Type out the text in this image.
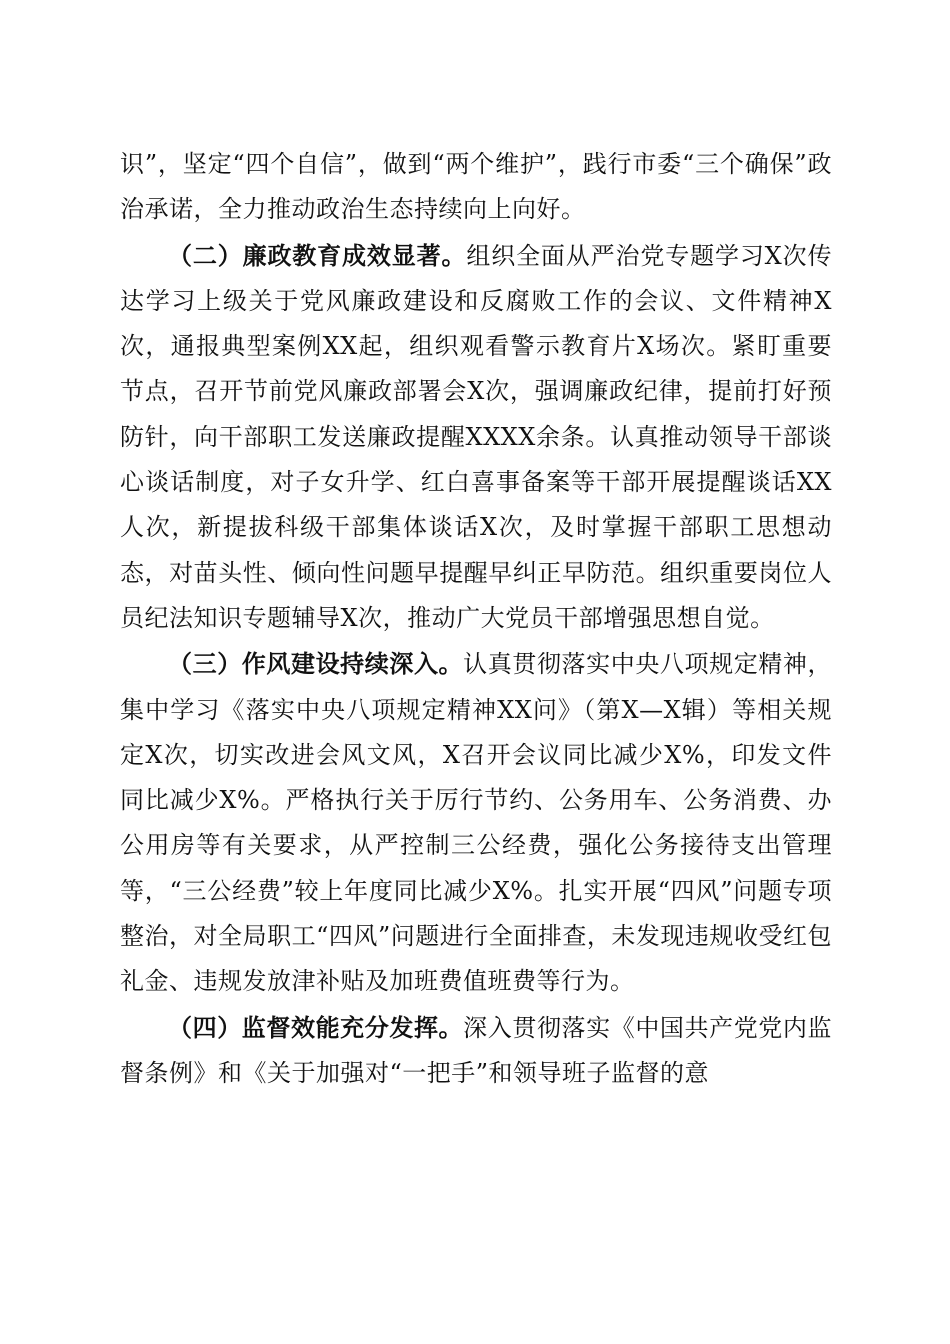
识”，坚定“四个自信”，做到“两个维护”，践行市委“三个确保”政治承诺，全力推动政治生态持续向上向好。

（二）廉政教育成效显著。组织全面从严治党专题学习X次传达学习上级关于党风廉政建设和反腐败工作的会议、文件精神X次，通报典型案例XX起，组织观看警示教育片X场次。紧盯重要节点，召开节前党风廉政部署会X次，强调廉政纪律，提前打好预防针，向干部职工发送廉政提醒XXXX余条。认真推动领导干部谈心谈话制度，对子女升学、红白喜事备案等干部开展提醒谈话XX人次，新提拔科级干部集体谈话X次，及时掌握干部职工思想动态，对苗头性、倾向性问题早提醒早纠正早防范。组织重要岗位人员纪法知识专题辅导X次，推动广大党员干部增强思想自觉。

（三）作风建设持续深入。认真贯彻落实中央八项规定精神，集中学习《落实中央八项规定精神XX问》（第X—X辑）等相关规定X次，切实改进会风文风，X召开会议同比减少X%，印发文件同比减少X%。严格执行关于厉行节约、公务用车、公务消费、办公用房等有关要求，从严控制三公经费，强化公务接待支出管理等，“三公经费”较上年度同比减少X%。扎实开展“四风”问题专项整治，对全局职工“四风”问题进行全面排查，未发现违规收受红包礼金、违规发放津补贴及加班费值班费等行为。

（四）监督效能充分发挥。深入贯彻落实《中国共产党党内监督条例》和《关于加强对“一把手”和领导班子监督的意
